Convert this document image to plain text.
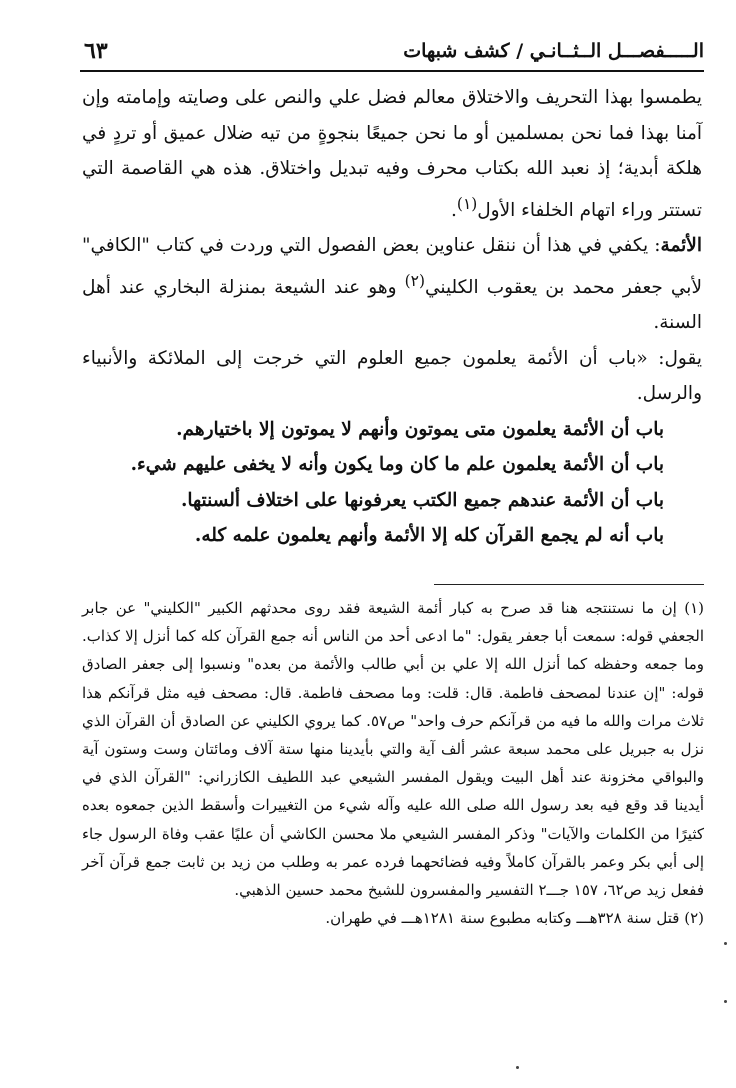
الـــــفصـــل الــثــانـي / كشف شبهات
٦٣

يطمسوا بهذا التحريف والاختلاق معالم فضل علي والنص على وصايته وإمامته وإن آمنا بهذا فما نحن بمسلمين أو ما نحن جميعًا بنجوةٍ من تيه ضلال عميق أو تردٍ في هلكة أبدية؛ إذ نعبد الله بكتاب محرف وفيه تبديل واختلاق. هذه هي القاصمة التي تستتر وراء اتهام الخلفاء الأول$^{(١)}$.

الأئمة: يكفي في هذا أن ننقل عناوين بعض الفصول التي وردت في كتاب "الكافي" لأبي جعفر محمد بن يعقوب الكليني$^{(٢)}$ وهو عند الشيعة بمنزلة البخاري عند أهل السنة.

يقول: «باب أن الأئمة يعلمون جميع العلوم التي خرجت إلى الملائكة والأنبياء والرسل.

باب أن الأئمة يعلمون متى يموتون وأنهم لا يموتون إلا باختيارهم.
باب أن الأئمة يعلمون علم ما كان وما يكون وأنه لا يخفى عليهم شيء.
باب أن الأئمة عندهم جميع الكتب يعرفونها على اختلاف ألسنتها.
باب أنه لم يجمع القرآن كله إلا الأئمة وأنهم يعلمون علمه كله.

(١) إن ما نستنتجه هنا قد صرح به كبار أئمة الشيعة فقد روى محدثهم الكبير "الكليني" عن جابر الجعفي قوله: سمعت أبا جعفر يقول: "ما ادعى أحد من الناس أنه جمع القرآن كله كما أنزل إلا كذاب. وما جمعه وحفظه كما أنزل الله إلا علي بن أبي طالب والأئمة من بعده" ونسبوا إلى جعفر الصادق قوله: "إن عندنا لمصحف فاطمة. قال: قلت: وما مصحف فاطمة. قال: مصحف فيه مثل قرآنكم هذا ثلاث مرات والله ما فيه من قرآنكم حرف واحد" ص٥٧. كما يروي الكليني عن الصادق أن القرآن الذي نزل به جبريل على محمد سبعة عشر ألف آية والتي بأيدينا منها ستة آلاف ومائتان وست وستون آية والبواقي مخزونة عند أهل البيت ويقول المفسر الشيعي عبد اللطيف الكازراني: "القرآن الذي في أيدينا قد وقع فيه بعد رسول الله صلى الله عليه وآله شيء من التغييرات وأسقط الذين جمعوه بعده كثيرًا من الكلمات والآيات" وذكر المفسر الشيعي ملا محسن الكاشي أن عليًا عقب وفاة الرسول جاء إلى أبي بكر وعمر بالقرآن كاملاً وفيه فضائحهما فرده عمر به وطلب من زيد بن ثابت جمع قرآن آخر ففعل زيد ص٦٢، ١٥٧ جـــ٢ التفسير والمفسرون للشيخ محمد حسين الذهبي.

(٢) قتل سنة ٣٢٨هـــ وكتابه مطبوع سنة ١٢٨١هـــ في طهران.
